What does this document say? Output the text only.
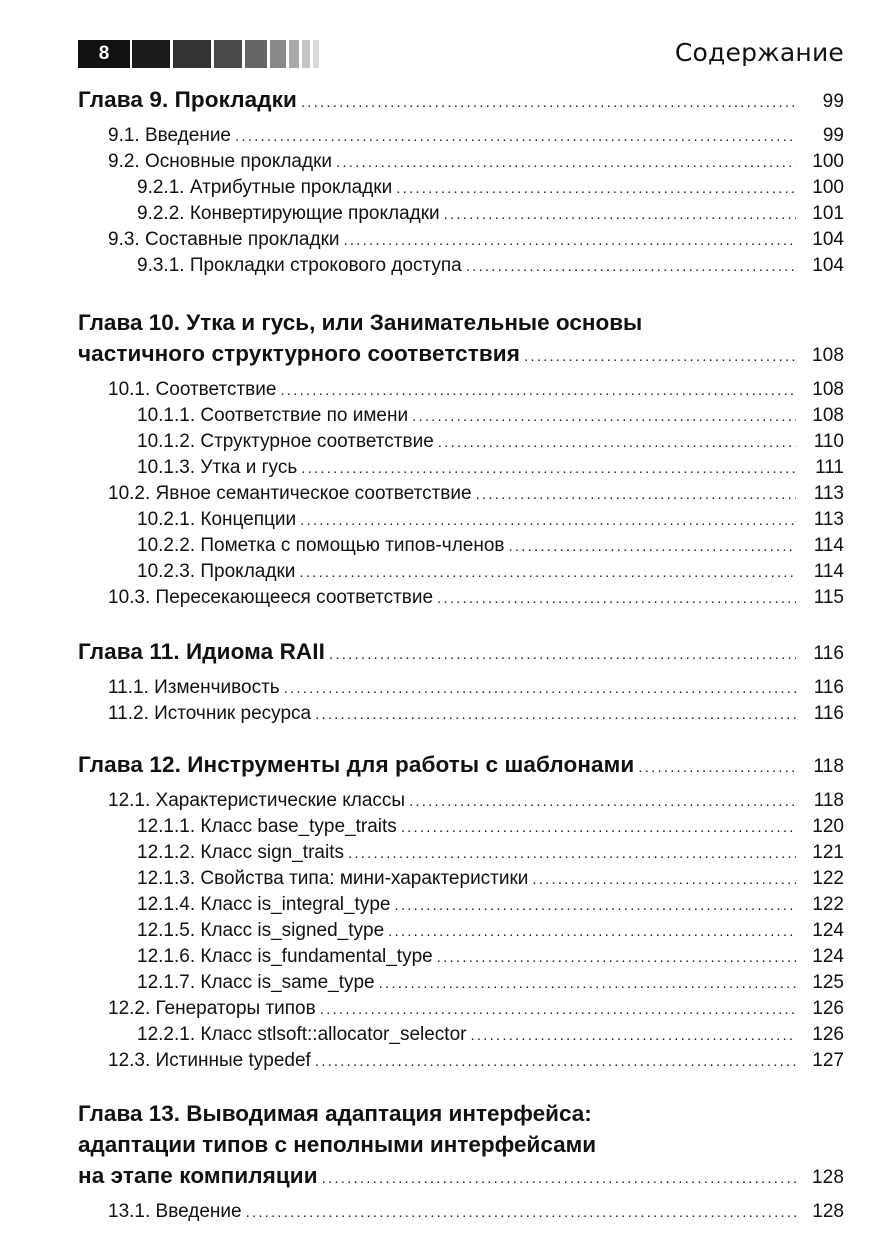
8	Содержание
Глава 9. Прокладки .....	99
9.1. Введение .....	99
9.2. Основные прокладки .....	100
9.2.1. Атрибутные прокладки .....	100
9.2.2. Конвертирующие прокладки .....	101
9.3. Составные прокладки .....	104
9.3.1. Прокладки строкового доступа .....	104
Глава 10. Утка и гусь, или Занимательные основы
частичного структурного соответствия .....	108
10.1. Соответствие .....	108
10.1.1. Соответствие по имени .....	108
10.1.2. Структурное соответствие .....	110
10.1.3. Утка и гусь .....	111
10.2. Явное семантическое соответствие .....	113
10.2.1. Концепции .....	113
10.2.2. Пометка с помощью типов-членов .....	114
10.2.3. Прокладки .....	114
10.3. Пересекающееся соответствие .....	115
Глава 11. Идиома RAII .....	116
11.1. Изменчивость .....	116
11.2. Источник ресурса .....	116
Глава 12. Инструменты для работы с шаблонами .....	118
12.1. Характеристические классы .....	118
12.1.1. Класс base_type_traits .....	120
12.1.2. Класс sign_traits .....	121
12.1.3. Свойства типа: мини-характеристики .....	122
12.1.4. Класс is_integral_type .....	122
12.1.5. Класс is_signed_type .....	124
12.1.6. Класс is_fundamental_type .....	124
12.1.7. Класс is_same_type .....	125
12.2. Генераторы типов .....	126
12.2.1. Класс stlsoft::allocator_selector .....	126
12.3. Истинные typedef .....	127
Глава 13. Выводимая адаптация интерфейса:
адаптации типов с неполными интерфейсами
на этапе компиляции .....	128
13.1. Введение .....	128
